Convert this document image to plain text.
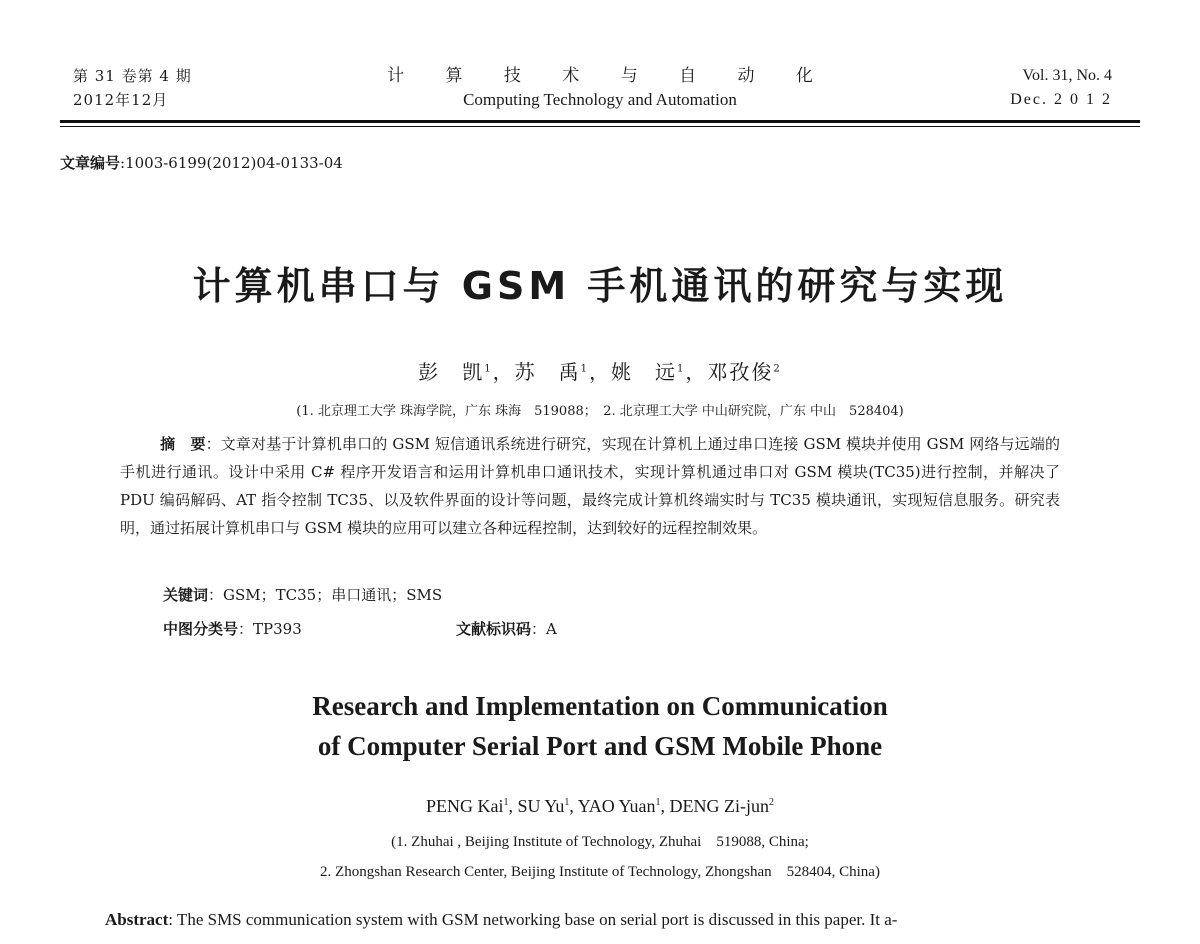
第 31 卷第 4 期
2012年12月
计 算 技 术 与 自 动 化
Computing Technology and Automation
Vol. 31, No. 4
Dec. 2 0 1 2
文章编号:1003-6199(2012)04-0133-04
计算机串口与 GSM 手机通讯的研究与实现
彭　凯$^1$，苏　禹$^1$，姚　远$^1$，邓孜俊$^2$
(1. 北京理工大学 珠海学院，广东 珠海　519088；　2. 北京理工大学 中山研究院，广东 中山　528404)
摘　要：文章对基于计算机串口的 GSM 短信通讯系统进行研究，实现在计算机上通过串口连接 GSM 模块并使用 GSM 网络与远端的手机进行通讯。设计中采用 C# 程序开发语言和运用计算机串口通讯技术，实现计算机通过串口对 GSM 模块(TC35)进行控制，并解决了 PDU 编码解码、AT 指令控制 TC35、以及软件界面的设计等问题，最终完成计算机终端实时与 TC35 模块通讯，实现短信息服务。研究表明，通过拓展计算机串口与 GSM 模块的应用可以建立各种远程控制，达到较好的远程控制效果。
关键词：GSM；TC35；串口通讯；SMS
中图分类号：TP393	文献标识码：A
Research and Implementation on Communication
of Computer Serial Port and GSM Mobile Phone
PENG Kai$^1$, SU Yu$^1$, YAO Yuan$^1$, DENG Zi-jun$^2$
(1. Zhuhai , Beijing Institute of Technology, Zhuhai　519088, China;
2. Zhongshan Research Center, Beijing Institute of Technology, Zhongshan　528404, China)
Abstract: The SMS communication system with GSM networking base on serial port is discussed in this paper. It a-
